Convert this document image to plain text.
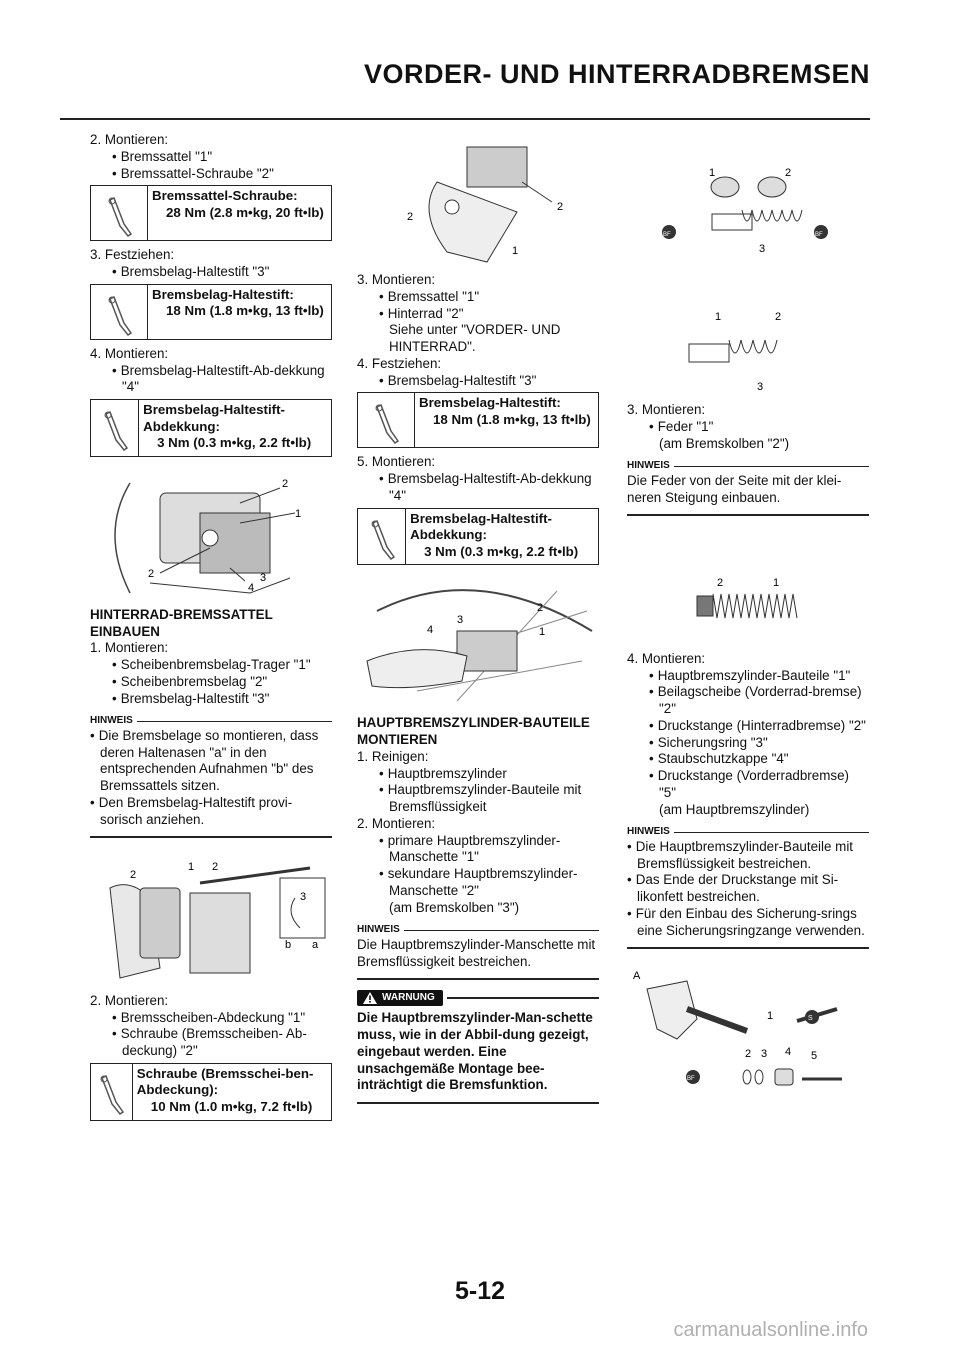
VORDER- UND HINTERRADBREMSEN
2. Montieren:
• Bremssattel "1"
• Bremssattel-Schraube "2"
Bremssattel-Schraube:
28 Nm (2.8 m•kg, 20 ft•lb)
3. Festziehen:
• Bremsbelag-Haltestift "3"
Bremsbelag-Haltestift:
18 Nm (1.8 m•kg, 13 ft•lb)
4. Montieren:
• Bremsbelag-Haltestift-Ab-dekkung "4"
Bremsbelag-Haltestift-Abdekkung:
3 Nm (0.3 m•kg, 2.2 ft•lb)
1
2
2	3
4
HINTERRAD-BREMSSATTEL EINBAUEN
1. Montieren:
• Scheibenbremsbelag-Trager "1"
• Scheibenbremsbelag "2"
• Bremsbelag-Haltestift "3"
HINWEIS
• Die Bremsbelage so montieren, dass deren Haltenasen "a" in den entsprechenden Aufnahmen "b" des Bremssattels sitzen.
• Den Bremsbelag-Haltestift provi-sorisch anziehen.
2
1 2
3
b a
2. Montieren:
• Bremsscheiben-Abdeckung "1"
• Schraube (Bremsscheiben- Ab-deckung) "2"
Schraube (Bremsschei-ben- Abdeckung):
10 Nm (1.0 m•kg, 7.2 ft•lb)
2
2
1
3. Montieren:
• Bremssattel "1"
• Hinterrad "2"
Siehe unter "VORDER- UND HINTERRAD".
4. Festziehen:
• Bremsbelag-Haltestift "3"
Bremsbelag-Haltestift:
18 Nm (1.8 m•kg, 13 ft•lb)
5. Montieren:
• Bremsbelag-Haltestift-Ab-dekkung "4"
Bremsbelag-Haltestift-Abdekkung:
3 Nm (0.3 m•kg, 2.2 ft•lb)
2
3
4	1
HAUPTBREMSZYLINDER-BAUTEILE MONTIEREN
1. Reinigen:
• Hauptbremszylinder
• Hauptbremszylinder-Bauteile mit Bremsflüssigkeit
2. Montieren:
• primare Hauptbremszylinder-Manschette "1"
• sekundare Hauptbremszylinder-Manschette "2"
(am Bremskolben "3")
HINWEIS
Die Hauptbremszylinder-Manschette mit Bremsflüssigkeit bestreichen.
WARNUNG
Die Hauptbremszylinder-Man-schette muss, wie in der Abbil-dung gezeigt, eingebaut werden. Eine unsachgemäße Montage bee-inträchtigt die Bremsfunktion.
BF	BF
1	2
3
1	2
3
3. Montieren:
• Feder "1"
(am Bremskolben "2")
HINWEIS
Die Feder von der Seite mit der klei-neren Steigung einbauen.
2	1
4. Montieren:
• Hauptbremszylinder-Bauteile "1"
• Beilagscheibe (Vorderrad-bremse) "2"
• Druckstange (Hinterradbremse) "2"
• Sicherungsring "3"
• Staubschutzkappe "4"
• Druckstange (Vorderradbremse) "5"
(am Hauptbremszylinder)
HINWEIS
• Die Hauptbremszylinder-Bauteile mit Bremsflüssigkeit bestreichen.
• Das Ende der Druckstange mit Si-likonfett bestreichen.
• Für den Einbau des Sicherung-srings eine Sicherungsringzange verwenden.
A
S
BF
1
2 3 4 5
5-12
carmanualsonline.info
